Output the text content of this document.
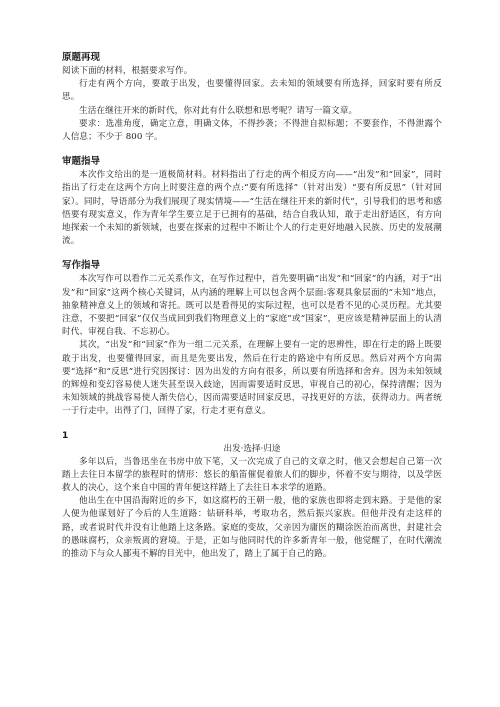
原题再现

阅读下面的材料，根据要求写作。

行走有两个方向，要敢于出发，也要懂得回家。去未知的领域要有所选择，回家时要有所反思。

生活在继往开来的新时代，你对此有什么联想和思考呢？请写一篇文章。

要求：选准角度，确定立意，明确文体，不得抄袭；不得泄自拟标题；不要套作，不得泄露个人信息；不少于 800 字。

审题指导

本次作文给出的是一道极简材料。材料指出了行走的两个相反方向——“出发”和“回家”，同时指出了行走在这两个方向上时要注意的两个点:“要有所选择”（针对出发）“要有所反思”（针对回家）。同时，导语部分为我们展现了现实情境——“生活在继往开来的新时代”，引导我们的思考和感悟要有现实意义，作为青年学生要立足于已拥有的基础，结合自我认知，敢于走出舒适区，有方向地探索一个未知的新领域，也要在探索的过程中不断让个人的行走更好地融入民族、历史的发展潮流。

写作指导

本次写作可以看作二元关系作文，在写作过程中，首先要明确“出发”和“回家”的内涵，对于“出发”和“回家”这两个核心关键词，从内涵的理解上可以包含两个层面:客观具象层面的“未知”地点，抽象精神意义上的领域和寄托。既可以是看得见的实际过程，也可以是看不见的心灵历程。尤其要注意，不要把“回家”仅仅当成回到我们物理意义上的“家庭”或“国家”，更应该是精神层面上的认清时代、审视自我、不忘初心。

其次，“出发”和“回家”作为一组二元关系，在理解上要有一定的思辨性，即在行走的路上既要敢于出发，也要懂得回家，而且是先要出发，然后在行走的路途中有所反思。然后对两个方向需要“选择”和“反思”进行究因探讨：因为出发的方向有很多，所以要有所选择和舍弃。因为未知领域的辉煌和变幻容易使人迷失甚至误入歧途，因而需要适时反思，审视自己的初心，保持清醒；因为未知领域的挑战容易使人渐失信心，因而需要适时回家反思，寻找更好的方法，获得动力。两者统一于行走中，出得了门，回得了家，行走才更有意义。

1

出发·选择·归途

多年以后，当鲁迅坐在书房中放下笔，又一次完成了自己的文章之时，他又会想起自己第一次踏上去往日本留学的旅程时的情形：悠长的船笛催促着旅人们的脚步，怀着不安与期待，以及学医救人的决心，这个来自中国的青年便这样踏上了去往日本求学的道路。

他出生在中国沿海附近的乡下，如这腐朽的王朝一般，他的家族也即将走到末路。于是他的家人便为他谋划好了今后的人生道路：钻研科举，考取功名，然后振兴家族。但他并没有走这样的路，或者说时代并没有让他踏上这条路。家庭的变故，父亲因为庸医的糊涂医治而离世，封建社会的愚昧腐朽，众亲叛离的窘境。于是，正如与他同时代的许多新青年一般，他觉醒了，在时代潮流的推动下与众人鄙夷不解的目光中，他出发了，踏上了属于自己的路。
